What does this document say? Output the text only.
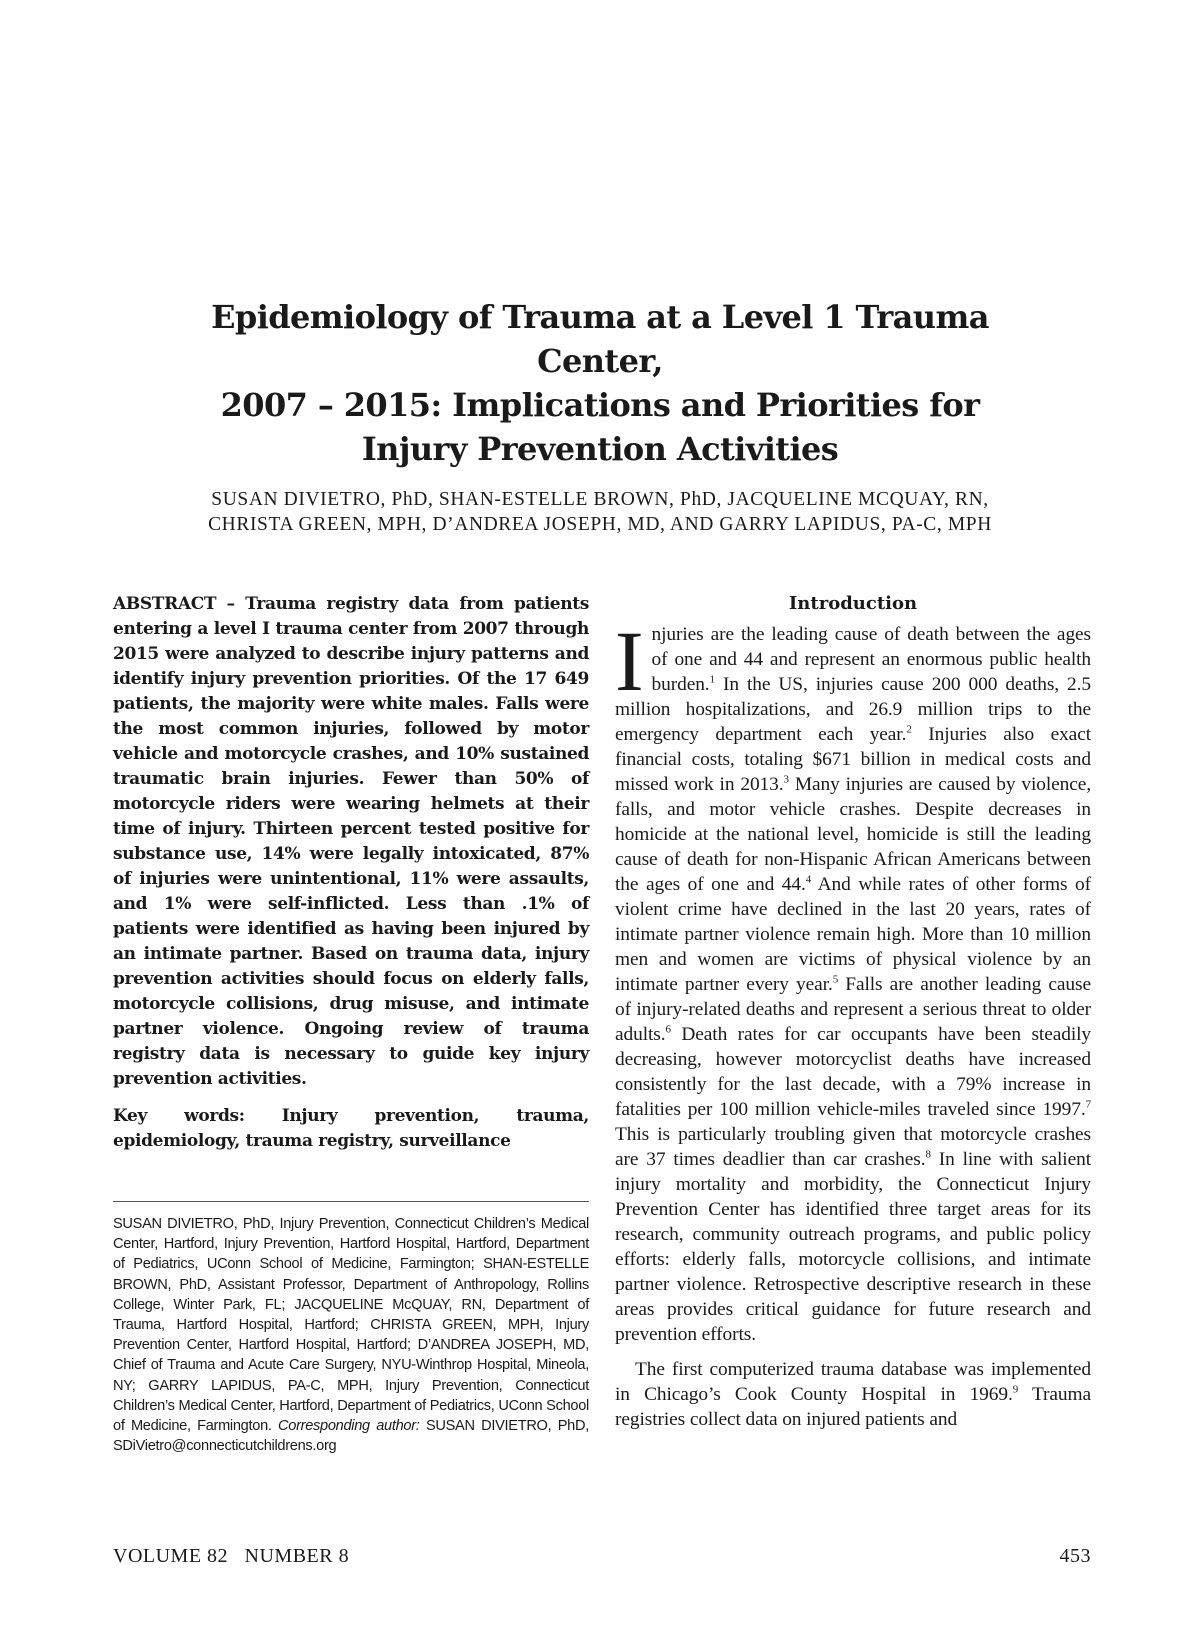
Epidemiology of Trauma at a Level 1 Trauma Center,
2007 – 2015: Implications and Priorities for
Injury Prevention Activities
SUSAN DIVIETRO, PhD, SHAN-ESTELLE BROWN, PhD, JACQUELINE MCQUAY, RN,
CHRISTA GREEN, MPH, D’ANDREA JOSEPH, MD, AND GARRY LAPIDUS, PA-C, MPH

ABSTRACT – Trauma registry data from patients entering a level I trauma center from 2007 through 2015 were analyzed to describe injury patterns and identify injury prevention priorities. Of the 17 649 patients, the majority were white males. Falls were the most common injuries, followed by motor vehicle and motorcycle crashes, and 10% sustained traumatic brain injuries. Fewer than 50% of motorcycle riders were wearing helmets at their time of injury. Thirteen percent tested positive for substance use, 14% were legally intoxicated, 87% of injuries were unintentional, 11% were assaults, and 1% were self-inflicted. Less than .1% of patients were identified as having been injured by an intimate partner. Based on trauma data, injury prevention activities should focus on elderly falls, motorcycle collisions, drug misuse, and intimate partner violence. Ongoing review of trauma registry data is necessary to guide key injury prevention activities.

Key words: Injury prevention, trauma, epidemiology, trauma registry, surveillance

SUSAN DIVIETRO, PhD, Injury Prevention, Connecticut Children’s Medical Center, Hartford, Injury Prevention, Hartford Hospital, Hartford, Department of Pediatrics, UConn School of Medicine, Farmington; SHAN-ESTELLE BROWN, PhD, Assistant Professor, Department of Anthropology, Rollins College, Winter Park, FL; JACQUELINE McQUAY, RN, Department of Trauma, Hartford Hospital, Hartford; CHRISTA GREEN, MPH, Injury Prevention Center, Hartford Hospital, Hartford; D’ANDREA JOSEPH, MD, Chief of Trauma and Acute Care Surgery, NYU-Winthrop Hospital, Mineola, NY; GARRY LAPIDUS, PA-C, MPH, Injury Prevention, Connecticut Children’s Medical Center, Hartford, Department of Pediatrics, UConn School of Medicine, Farmington. Corresponding author: SUSAN DIVIETRO, PhD, SDiVietro@connecticutchildrens.org
Introduction

Injuries are the leading cause of death between the ages of one and 44 and represent an enormous public health burden.$^1$ In the US, injuries cause 200 000 deaths, 2.5 million hospitalizations, and 26.9 million trips to the emergency department each year.$^2$ Injuries also exact financial costs, totaling $671 billion in medical costs and missed work in 2013.$^3$ Many injuries are caused by violence, falls, and motor vehicle crashes. Despite decreases in homicide at the national level, homicide is still the leading cause of death for non-Hispanic African Americans between the ages of one and 44.$^4$ And while rates of other forms of violent crime have declined in the last 20 years, rates of intimate partner violence remain high. More than 10 million men and women are victims of physical violence by an intimate partner every year.$^5$ Falls are another leading cause of injury-related deaths and represent a serious threat to older adults.$^6$ Death rates for car occupants have been steadily decreasing, however motorcyclist deaths have increased consistently for the last decade, with a 79% increase in fatalities per 100 million vehicle-miles traveled since 1997.$^7$ This is particularly troubling given that motorcycle crashes are 37 times deadlier than car crashes.$^8$ In line with salient injury mortality and morbidity, the Connecticut Injury Prevention Center has identified three target areas for its research, community outreach programs, and public policy efforts: elderly falls, motorcycle collisions, and intimate partner violence. Retrospective descriptive research in these areas provides critical guidance for future research and prevention efforts.

The first computerized trauma database was implemented in Chicago’s Cook County Hospital in 1969.$^9$ Trauma registries collect data on injured patients and

VOLUME 82 NUMBER 8	453
